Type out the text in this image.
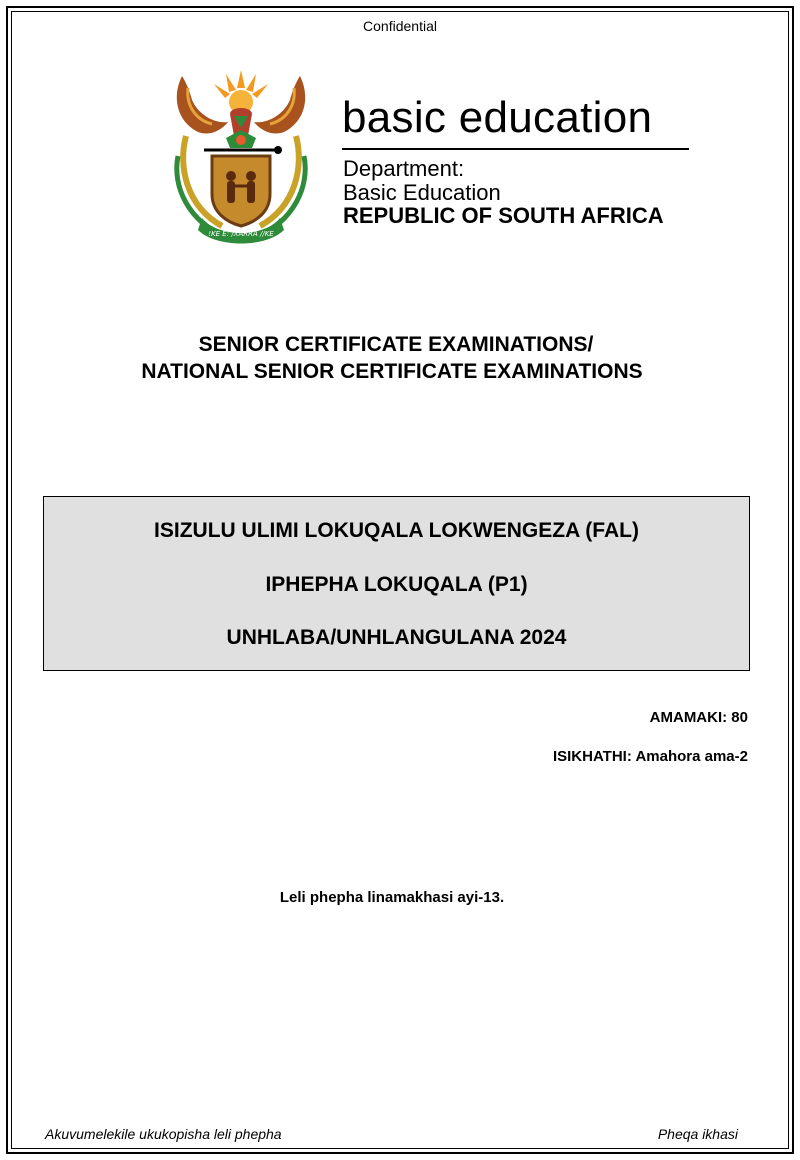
Confidential
!KE E: /XARRA //KE
basic education
Department:
Basic Education
REPUBLIC OF SOUTH AFRICA
SENIOR CERTIFICATE EXAMINATIONS/
NATIONAL SENIOR CERTIFICATE EXAMINATIONS
ISIZULU ULIMI LOKUQALA LOKWENGEZA (FAL)
IPHEPHA LOKUQALA (P1)
UNHLABA/UNHLANGULANA 2024
AMAMAKI: 80
ISIKHATHI: Amahora ama-2
Leli phepha linamakhasi ayi-13.
Akuvumelekile ukukopisha leli phepha	Pheqa ikhasi
